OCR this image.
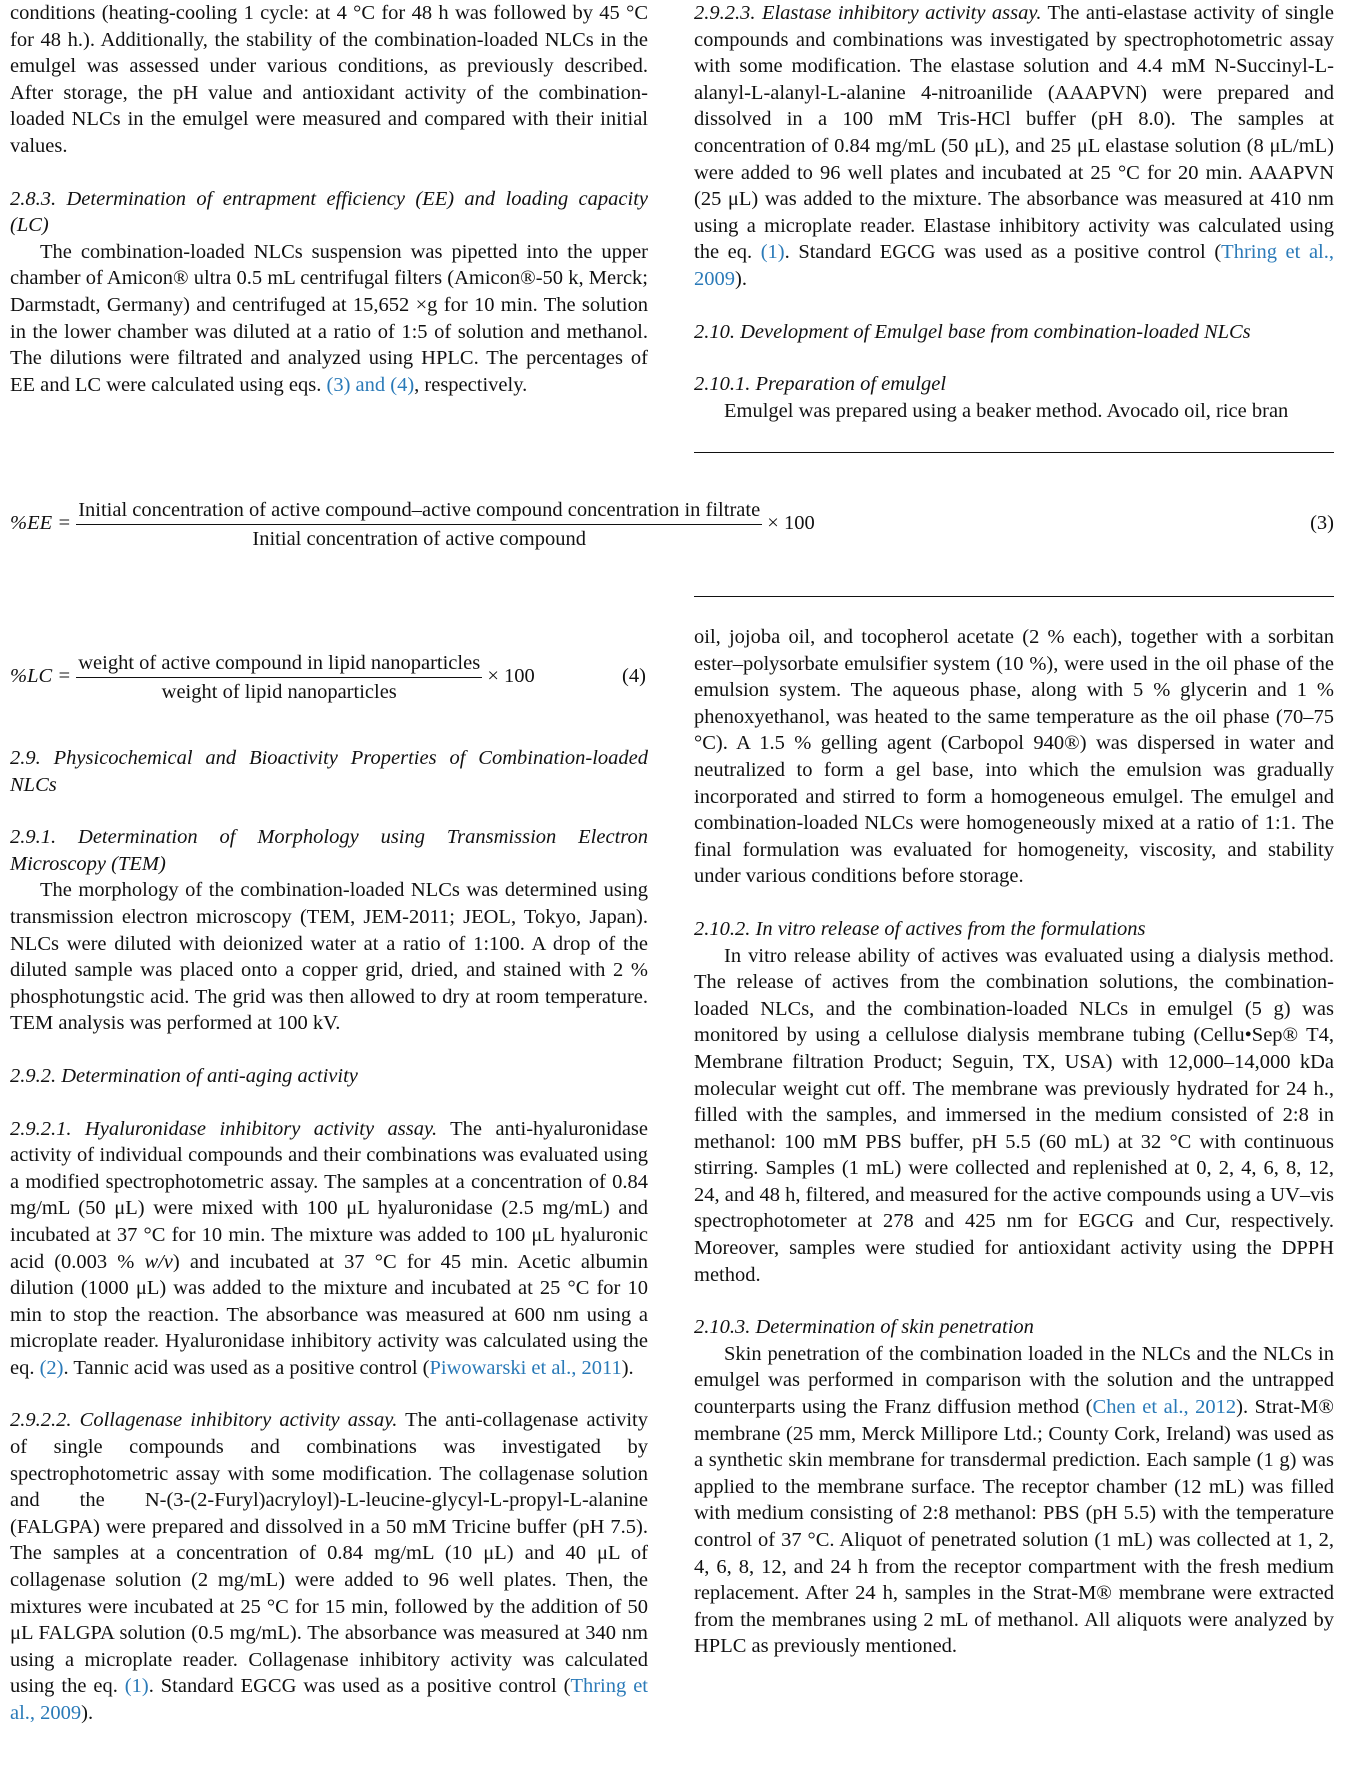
conditions (heating-cooling 1 cycle: at 4 °C for 48 h was followed by 45 °C for 48 h.). Additionally, the stability of the combination-loaded NLCs in the emulgel was assessed under various conditions, as previously described. After storage, the pH value and antioxidant activity of the combination-loaded NLCs in the emulgel were measured and compared with their initial values.

2.8.3. Determination of entrapment efficiency (EE) and loading capacity (LC)

The combination-loaded NLCs suspension was pipetted into the upper chamber of Amicon® ultra 0.5 mL centrifugal filters (Amicon®-50 k, Merck; Darmstadt, Germany) and centrifuged at 15,652 ×g for 10 min. The solution in the lower chamber was diluted at a ratio of 1:5 of solution and methanol. The dilutions were filtrated and analyzed using HPLC. The percentages of EE and LC were calculated using eqs. (3) and (4), respectively.

2.9.2.3. Elastase inhibitory activity assay. The anti-elastase activity of single compounds and combinations was investigated by spectrophotometric assay with some modification. The elastase solution and 4.4 mM N-Succinyl-L-alanyl-L-alanyl-L-alanine 4-nitroanilide (AAAPVN) were prepared and dissolved in a 100 mM Tris-HCl buffer (pH 8.0). The samples at concentration of 0.84 mg/mL (50 μL), and 25 μL elastase solution (8 μL/mL) were added to 96 well plates and incubated at 25 °C for 20 min. AAAPVN (25 μL) was added to the mixture. The absorbance was measured at 410 nm using a microplate reader. Elastase inhibitory activity was calculated using the eq. (1). Standard EGCG was used as a positive control (Thring et al., 2009).

2.10. Development of Emulgel base from combination-loaded NLCs

2.10.1. Preparation of emulgel

Emulgel was prepared using a beaker method. Avocado oil, rice bran

%EE =
Initial concentration of active compound–active compound concentration in filtrate
Initial concentration of active compound
× 100	(3)
$\%LC = \frac{\text{weight of active compound in lipid nanoparticles}}{\text{weight of lipid nanoparticles}} \times 100$	(4)

2.9. Physicochemical and Bioactivity Properties of Combination-loaded NLCs

2.9.1. Determination of Morphology using Transmission Electron Microscopy (TEM)

The morphology of the combination-loaded NLCs was determined using transmission electron microscopy (TEM, JEM-2011; JEOL, Tokyo, Japan). NLCs were diluted with deionized water at a ratio of 1:100. A drop of the diluted sample was placed onto a copper grid, dried, and stained with 2 % phosphotungstic acid. The grid was then allowed to dry at room temperature. TEM analysis was performed at 100 kV.

2.9.2. Determination of anti-aging activity

2.9.2.1. Hyaluronidase inhibitory activity assay. The anti-hyaluronidase activity of individual compounds and their combinations was evaluated using a modified spectrophotometric assay. The samples at a concentration of 0.84 mg/mL (50 μL) were mixed with 100 μL hyaluronidase (2.5 mg/mL) and incubated at 37 °C for 10 min. The mixture was added to 100 μL hyaluronic acid (0.003 % w/v) and incubated at 37 °C for 45 min. Acetic albumin dilution (1000 μL) was added to the mixture and incubated at 25 °C for 10 min to stop the reaction. The absorbance was measured at 600 nm using a microplate reader. Hyaluronidase inhibitory activity was calculated using the eq. (2). Tannic acid was used as a positive control (Piwowarski et al., 2011).

2.9.2.2. Collagenase inhibitory activity assay. The anti-collagenase activity of single compounds and combinations was investigated by spectrophotometric assay with some modification. The collagenase solution and the N-(3-(2-Furyl)acryloyl)-L-leucine-glycyl-L-propyl-L-alanine (FALGPA) were prepared and dissolved in a 50 mM Tricine buffer (pH 7.5). The samples at a concentration of 0.84 mg/mL (10 μL) and 40 μL of collagenase solution (2 mg/mL) were added to 96 well plates. Then, the mixtures were incubated at 25 °C for 15 min, followed by the addition of 50 μL FALGPA solution (0.5 mg/mL). The absorbance was measured at 340 nm using a microplate reader. Collagenase inhibitory activity was calculated using the eq. (1). Standard EGCG was used as a positive control (Thring et al., 2009).

oil, jojoba oil, and tocopherol acetate (2 % each), together with a sorbitan ester–polysorbate emulsifier system (10 %), were used in the oil phase of the emulsion system. The aqueous phase, along with 5 % glycerin and 1 % phenoxyethanol, was heated to the same temperature as the oil phase (70–75 °C). A 1.5 % gelling agent (Carbopol 940®) was dispersed in water and neutralized to form a gel base, into which the emulsion was gradually incorporated and stirred to form a homogeneous emulgel. The emulgel and combination-loaded NLCs were homogeneously mixed at a ratio of 1:1. The final formulation was evaluated for homogeneity, viscosity, and stability under various conditions before storage.

2.10.2. In vitro release of actives from the formulations

In vitro release ability of actives was evaluated using a dialysis method. The release of actives from the combination solutions, the combination-loaded NLCs, and the combination-loaded NLCs in emulgel (5 g) was monitored by using a cellulose dialysis membrane tubing (Cellu•Sep® T4, Membrane filtration Product; Seguin, TX, USA) with 12,000–14,000 kDa molecular weight cut off. The membrane was previously hydrated for 24 h., filled with the samples, and immersed in the medium consisted of 2:8 in methanol: 100 mM PBS buffer, pH 5.5 (60 mL) at 32 °C with continuous stirring. Samples (1 mL) were collected and replenished at 0, 2, 4, 6, 8, 12, 24, and 48 h, filtered, and measured for the active compounds using a UV–vis spectrophotometer at 278 and 425 nm for EGCG and Cur, respectively. Moreover, samples were studied for antioxidant activity using the DPPH method.

2.10.3. Determination of skin penetration

Skin penetration of the combination loaded in the NLCs and the NLCs in emulgel was performed in comparison with the solution and the untrapped counterparts using the Franz diffusion method (Chen et al., 2012). Strat-M® membrane (25 mm, Merck Millipore Ltd.; County Cork, Ireland) was used as a synthetic skin membrane for transdermal prediction. Each sample (1 g) was applied to the membrane surface. The receptor chamber (12 mL) was filled with medium consisting of 2:8 methanol: PBS (pH 5.5) with the temperature control of 37 °C. Aliquot of penetrated solution (1 mL) was collected at 1, 2, 4, 6, 8, 12, and 24 h from the receptor compartment with the fresh medium replacement. After 24 h, samples in the Strat-M® membrane were extracted from the membranes using 2 mL of methanol. All aliquots were analyzed by HPLC as previously mentioned.
